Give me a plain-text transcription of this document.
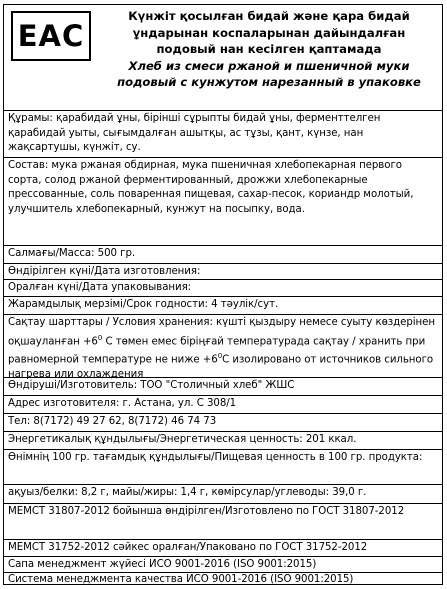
EAC
Күнжіт қосылған бидай және қара бидай
ұндарынан коспаларынан дайындалған
подовый нан кесілген қаптамада
Хлеб из смеси ржаной и пшеничной муки
подовый с кунжутом нарезанный в упаковке
Құрамы: қарабидай ұны, бірінші сұрыпты бидай ұны, ферменттелген қарабидай уыты, сығымдалған ашытқы, ас тұзы, қант, күнзе, нан жақсартушы, күнжіт, су.
Состав: мука ржаная обдирная, мука пшеничная хлебопекарная первого сорта, солод ржаной ферментированный, дрожжи хлебопекарные прессованные, соль поваренная пищевая, сахар-песок, кориандр молотый, улучшитель хлебопекарный, кунжут на посыпку, вода.
Салмағы/Масса: 500 гр.
Өндірілген күні/Дата изготовления:
Оралған күні/Дата упаковывания:
Жарамдылық мерзімі/Срок годности: 4 тәулік/сут.
Сақтау шарттары / Условия хранения: күшті қыздыру немесе суыту көздерінен оқшауланған $+6^0$ С төмен емес біріңғай температурада сақтау / хранить при равномерной температуре не ниже $+6^0С$ изолировано от источников сильного нагрева или охлаждения
Өндіруші/Изготовитель: ТОО "Столичный хлеб" ЖШС
Адрес изготовителя: г. Астана, ул. С 308/1
Тел: 8(7172) 49 27 62, 8(7172) 46 74 73
Энергетикалық құндылығы/Энергетическая ценность: 201 ккал.
Өнімнің 100 гр. тағамдық құндылығы/Пищевая ценность в 100 гр. продукта:
ақуыз/белки: 8,2 г, майы/жиры: 1,4 г, көмірсулар/углеводы: 39,0 г.
МЕМСТ 31807-2012 бойынша өндірілген/Изготовлено по ГОСТ 31807-2012
МЕМСТ 31752-2012 сәйкес оралған/Упаковано по ГОСТ 31752-2012
Сапа менеджмент жүйесі ИСО 9001-2016 (ISO 9001:2015)
Система менеджмента качества ИСО 9001-2016 (ISO 9001:2015)
